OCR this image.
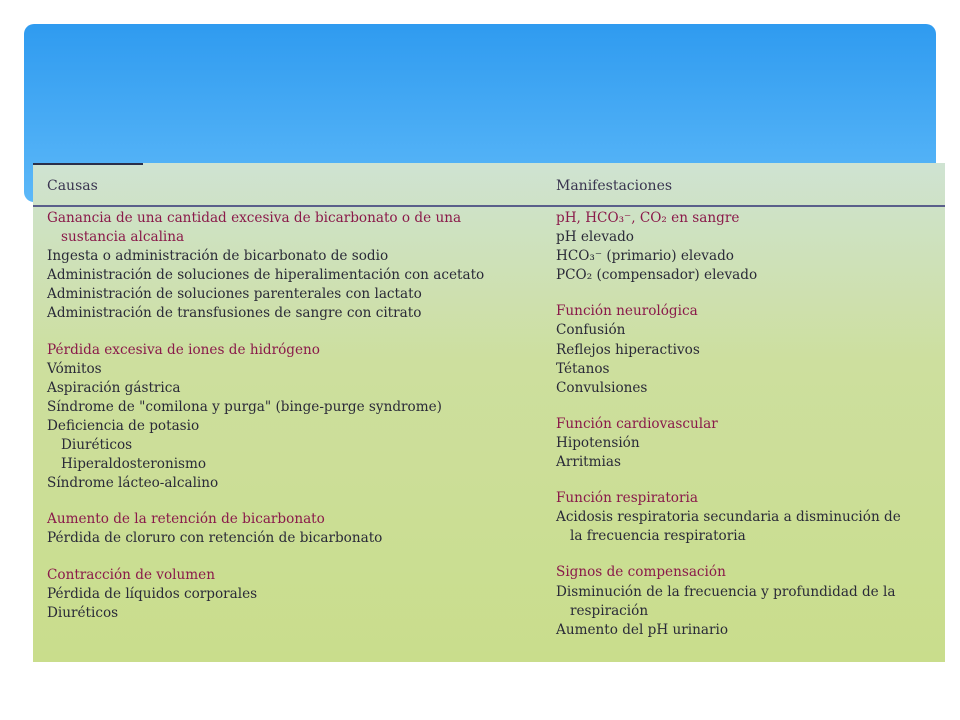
Causas
Ganancia de una cantidad excesiva de bicarbonato o de una
sustancia alcalina
Ingesta o administración de bicarbonato de sodio
Administración de soluciones de hiperalimentación con acetato
Administración de soluciones parenterales con lactato
Administración de transfusiones de sangre con citrato
Pérdida excesiva de iones de hidrógeno
Vómitos
Aspiración gástrica
Síndrome de "comilona y purga" (binge-purge syndrome)
Deficiencia de potasio
Diuréticos
Hiperaldosteronismo
Síndrome lácteo-alcalino
Aumento de la retención de bicarbonato
Pérdida de cloruro con retención de bicarbonato
Contracción de volumen
Pérdida de líquidos corporales
Diuréticos
Manifestaciones
pH, HCO₃⁻, CO₂ en sangre
pH elevado
HCO₃⁻ (primario) elevado
PCO₂ (compensador) elevado
Función neurológica
Confusión
Reflejos hiperactivos
Tétanos
Convulsiones
Función cardiovascular
Hipotensión
Arritmias
Función respiratoria
Acidosis respiratoria secundaria a disminución de
la frecuencia respiratoria
Signos de compensación
Disminución de la frecuencia y profundidad de la
respiración
Aumento del pH urinario
